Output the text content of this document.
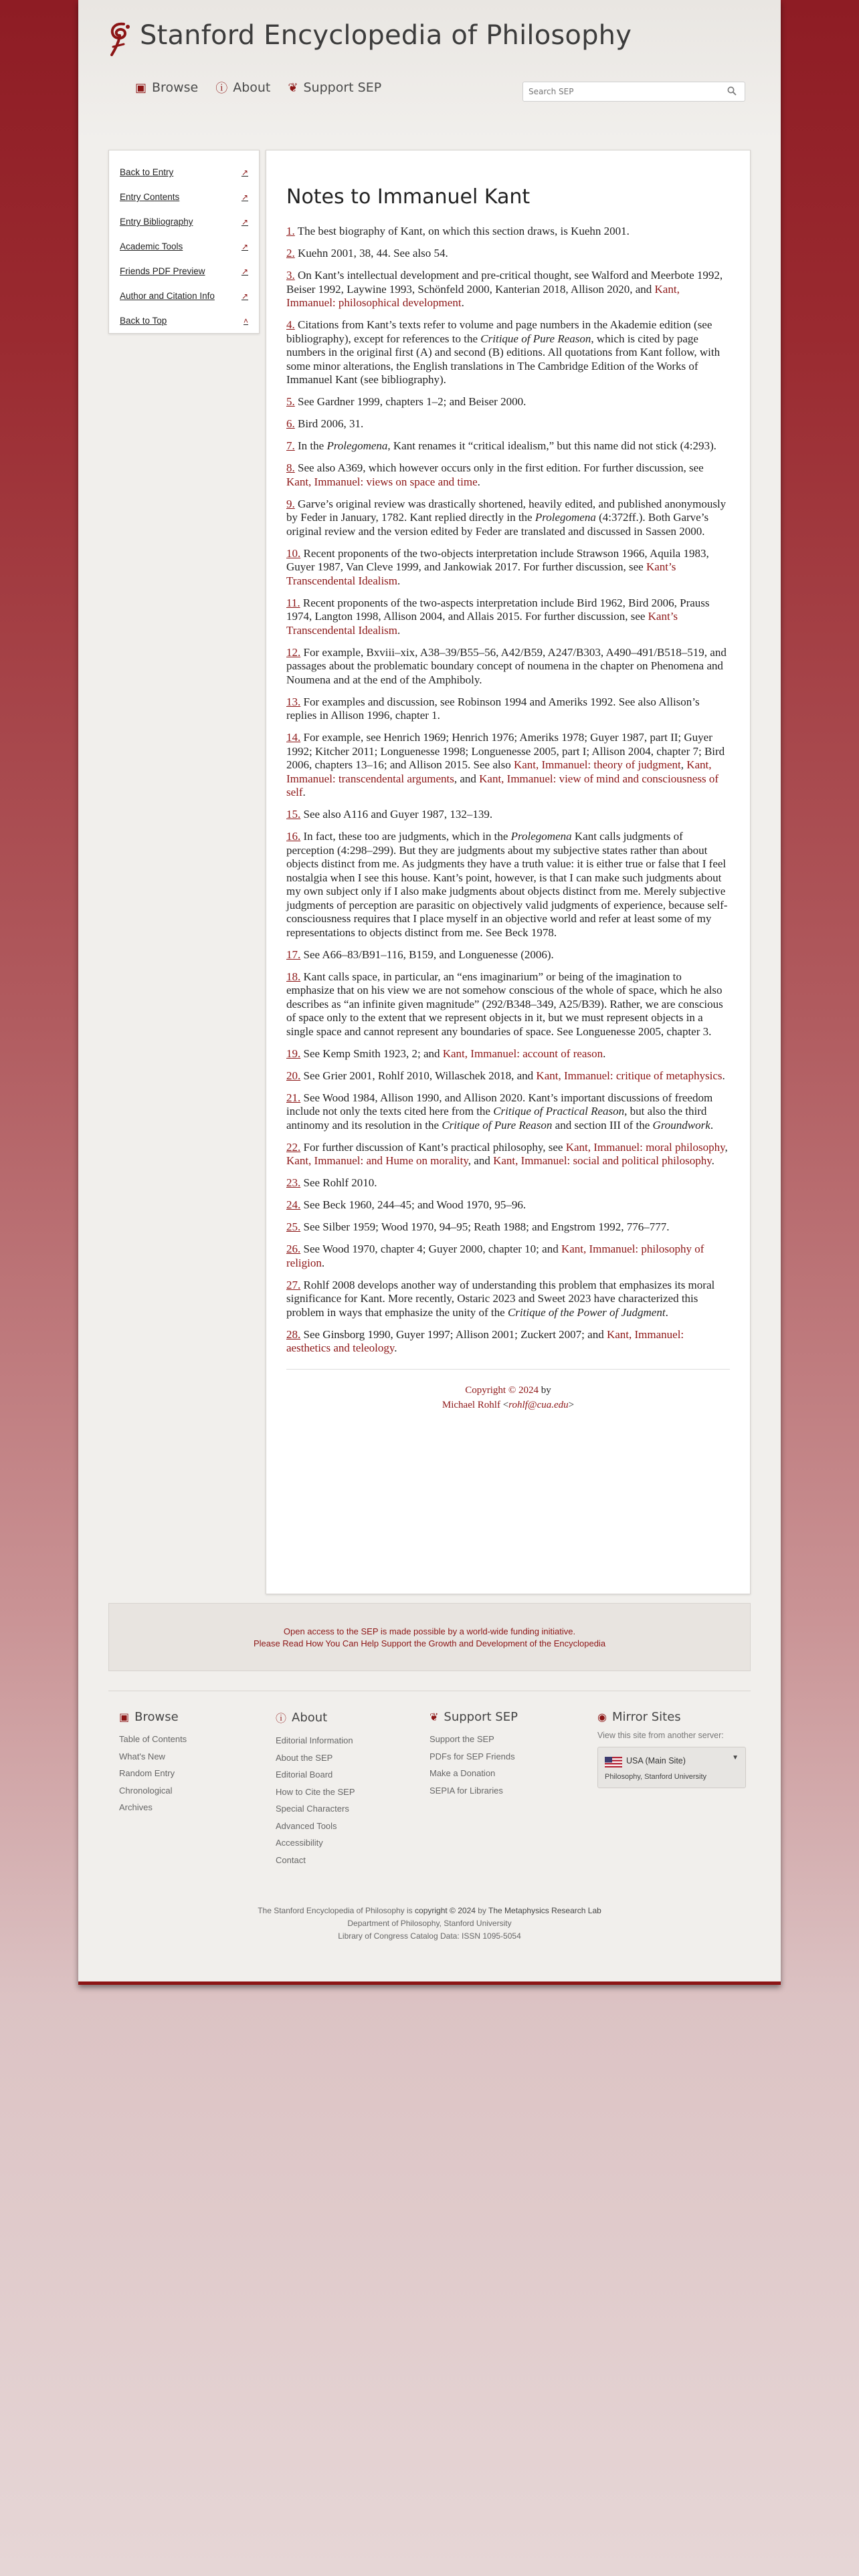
Stanford Encyclopedia of Philosophy
▣ Browse ⓘ About ❦ Support SEP
Search SEP
Back to Entry	↗
Entry Contents	↗
Entry Bibliography	↗
Academic Tools	↗
Friends PDF Preview	↗
Author and Citation Info	↗
Back to Top	˄
Notes to Immanuel Kant

1. The best biography of Kant, on which this section draws, is Kuehn 2001.

2. Kuehn 2001, 38, 44. See also 54.

3. On Kant’s intellectual development and pre-critical thought, see Walford and Meerbote 1992, Beiser 1992, Laywine 1993, Schönfeld 2000, Kanterian 2018, Allison 2020, and Kant, Immanuel: philosophical development.

4. Citations from Kant’s texts refer to volume and page numbers in the Akademie edition (see bibliography), except for references to the Critique of Pure Reason, which is cited by page numbers in the original first (A) and second (B) editions. All quotations from Kant follow, with some minor alterations, the English translations in The Cambridge Edition of the Works of Immanuel Kant (see bibliography).

5. See Gardner 1999, chapters 1–2; and Beiser 2000.

6. Bird 2006, 31.

7. In the Prolegomena, Kant renames it “critical idealism,” but this name did not stick (4:293).

8. See also A369, which however occurs only in the first edition. For further discussion, see Kant, Immanuel: views on space and time.

9. Garve’s original review was drastically shortened, heavily edited, and published anonymously by Feder in January, 1782. Kant replied directly in the Prolegomena (4:372ff.). Both Garve’s original review and the version edited by Feder are translated and discussed in Sassen 2000.

10. Recent proponents of the two-objects interpretation include Strawson 1966, Aquila 1983, Guyer 1987, Van Cleve 1999, and Jankowiak 2017. For further discussion, see Kant’s Transcendental Idealism.

11. Recent proponents of the two-aspects interpretation include Bird 1962, Bird 2006, Prauss 1974, Langton 1998, Allison 2004, and Allais 2015. For further discussion, see Kant’s Transcendental Idealism.

12. For example, Bxviii–xix, A38–39/B55–56, A42/B59, A247/B303, A490–491/B518–519, and passages about the problematic boundary concept of noumena in the chapter on Phenomena and Noumena and at the end of the Amphiboly.

13. For examples and discussion, see Robinson 1994 and Ameriks 1992. See also Allison’s replies in Allison 1996, chapter 1.

14. For example, see Henrich 1969; Henrich 1976; Ameriks 1978; Guyer 1987, part II; Guyer 1992; Kitcher 2011; Longuenesse 1998; Longuenesse 2005, part I; Allison 2004, chapter 7; Bird 2006, chapters 13–16; and Allison 2015. See also Kant, Immanuel: theory of judgment, Kant, Immanuel: transcendental arguments, and Kant, Immanuel: view of mind and consciousness of self.

15. See also A116 and Guyer 1987, 132–139.

16. In fact, these too are judgments, which in the Prolegomena Kant calls judgments of perception (4:298–299). But they are judgments about my subjective states rather than about objects distinct from me. As judgments they have a truth value: it is either true or false that I feel nostalgia when I see this house. Kant’s point, however, is that I can make such judgments about my own subject only if I also make judgments about objects distinct from me. Merely subjective judgments of perception are parasitic on objectively valid judgments of experience, because self-consciousness requires that I place myself in an objective world and refer at least some of my representations to objects distinct from me. See Beck 1978.

17. See A66–83/B91–116, B159, and Longuenesse (2006).

18. Kant calls space, in particular, an “ens imaginarium” or being of the imagination to emphasize that on his view we are not somehow conscious of the whole of space, which he also describes as “an infinite given magnitude” (292/B348–349, A25/B39). Rather, we are conscious of space only to the extent that we represent objects in it, but we must represent objects in a single space and cannot represent any boundaries of space. See Longuenesse 2005, chapter 3.

19. See Kemp Smith 1923, 2; and Kant, Immanuel: account of reason.

20. See Grier 2001, Rohlf 2010, Willaschek 2018, and Kant, Immanuel: critique of metaphysics.

21. See Wood 1984, Allison 1990, and Allison 2020. Kant’s important discussions of freedom include not only the texts cited here from the Critique of Practical Reason, but also the third antinomy and its resolution in the Critique of Pure Reason and section III of the Groundwork.

22. For further discussion of Kant’s practical philosophy, see Kant, Immanuel: moral philosophy, Kant, Immanuel: and Hume on morality, and Kant, Immanuel: social and political philosophy.

23. See Rohlf 2010.

24. See Beck 1960, 244–45; and Wood 1970, 95–96.

25. See Silber 1959; Wood 1970, 94–95; Reath 1988; and Engstrom 1992, 776–777.

26. See Wood 1970, chapter 4; Guyer 2000, chapter 10; and Kant, Immanuel: philosophy of religion.

27. Rohlf 2008 develops another way of understanding this problem that emphasizes its moral significance for Kant. More recently, Ostaric 2023 and Sweet 2023 have characterized this problem in ways that emphasize the unity of the Critique of the Power of Judgment.

28. See Ginsborg 1990, Guyer 1997; Allison 2001; Zuckert 2007; and Kant, Immanuel: aesthetics and teleology.

Copyright © 2024 by
Michael Rohlf <rohlf@cua.edu>
Open access to the SEP is made possible by a world-wide funding initiative.
Please Read How You Can Help Support the Growth and Development of the Encyclopedia
▣ Browse
Table of Contents
What's New
Random Entry
Chronological
Archives
ⓘ About
Editorial Information
About the SEP
Editorial Board
How to Cite the SEP
Special Characters
Advanced Tools
Accessibility
Contact
❦ Support SEP
Support the SEP
PDFs for SEP Friends
Make a Donation
SEPIA for Libraries
◉ Mirror Sites
View this site from another server:
USA (Main Site)	▼
Philosophy, Stanford University
The Stanford Encyclopedia of Philosophy is copyright © 2024 by The Metaphysics Research Lab
Department of Philosophy, Stanford University
Library of Congress Catalog Data: ISSN 1095-5054
